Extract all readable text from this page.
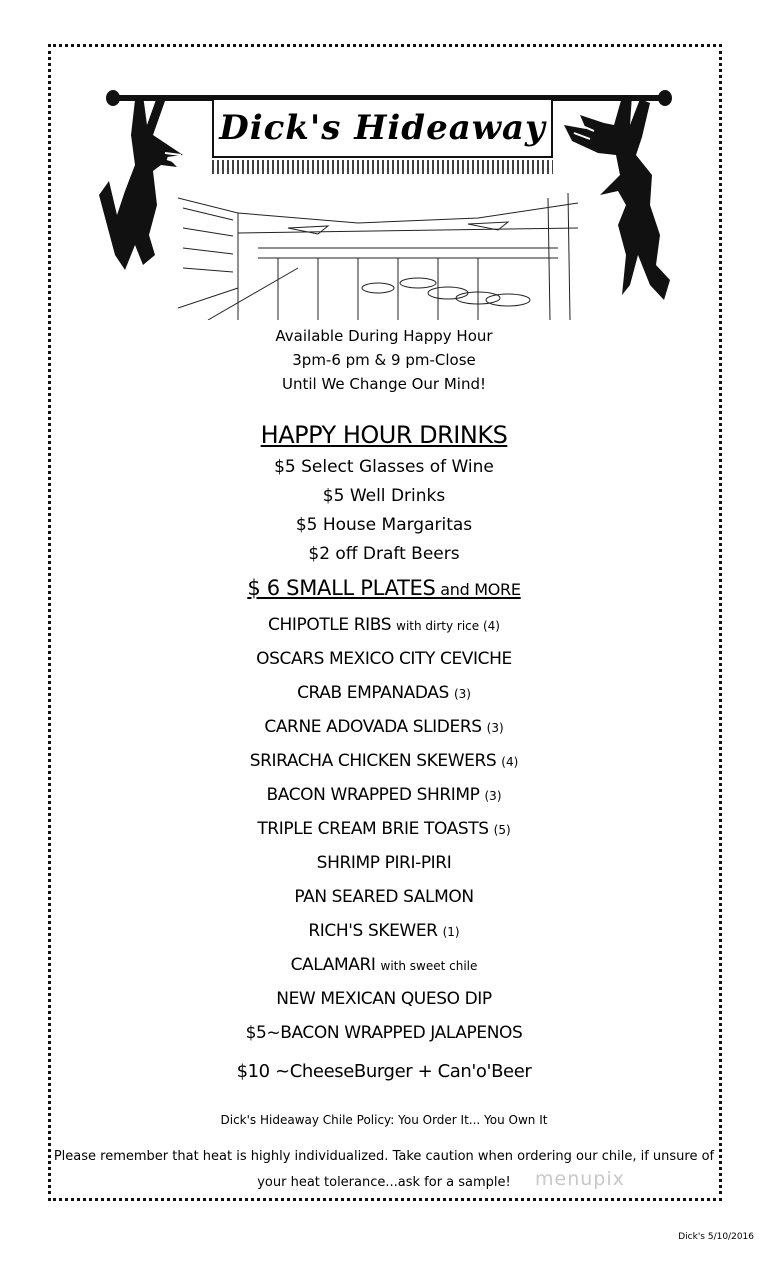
Dick's Hideaway
Available During Happy Hour
3pm-6 pm & 9 pm-Close
Until We Change Our Mind!
HAPPY HOUR DRINKS
$5 Select Glasses of Wine
$5 Well Drinks
$5 House Margaritas
$2 off Draft Beers
$ 6 SMALL PLATES and MORE
CHIPOTLE RIBS with dirty rice (4)
OSCARS MEXICO CITY CEVICHE
CRAB EMPANADAS (3)
CARNE ADOVADA SLIDERS (3)
SRIRACHA CHICKEN SKEWERS (4)
BACON WRAPPED SHRIMP (3)
TRIPLE CREAM BRIE TOASTS (5)
SHRIMP PIRI-PIRI
PAN SEARED SALMON
RICH'S SKEWER (1)
CALAMARI with sweet chile
NEW MEXICAN QUESO DIP
$5~BACON WRAPPED JALAPENOS
$10 ~CheeseBurger + Can'o'Beer
Dick's Hideaway Chile Policy: You Order It... You Own It
Please remember that heat is highly individualized. Take caution when ordering our chile, if unsure of
your heat tolerance...ask for a sample!	menupix
Dick's 5/10/2016
